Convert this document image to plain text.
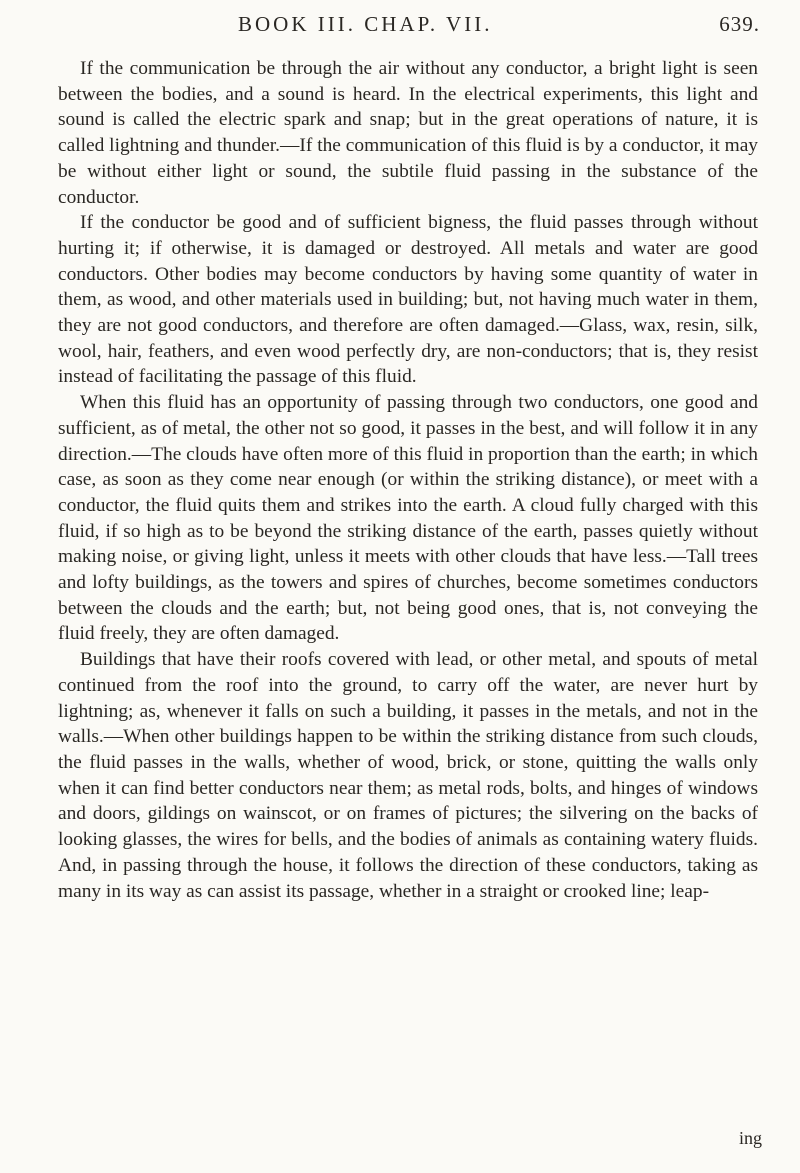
BOOK III. CHAP. VII.	639.

If the communication be through the air without any conductor, a bright light is seen between the bodies, and a sound is heard. In the electrical experiments, this light and sound is called the electric spark and snap; but in the great operations of nature, it is called lightning and thunder.—If the communication of this fluid is by a conductor, it may be without either light or sound, the subtile fluid passing in the substance of the conductor.

If the conductor be good and of sufficient bigness, the fluid passes through without hurting it; if otherwise, it is damaged or destroyed. All metals and water are good conductors. Other bodies may become conductors by having some quantity of water in them, as wood, and other materials used in building; but, not having much water in them, they are not good conductors, and therefore are often damaged.—Glass, wax, resin, silk, wool, hair, feathers, and even wood perfectly dry, are non-conductors; that is, they resist instead of facilitating the passage of this fluid.

When this fluid has an opportunity of passing through two conductors, one good and sufficient, as of metal, the other not so good, it passes in the best, and will follow it in any direction.—The clouds have often more of this fluid in proportion than the earth; in which case, as soon as they come near enough (or within the striking distance), or meet with a conductor, the fluid quits them and strikes into the earth. A cloud fully charged with this fluid, if so high as to be beyond the striking distance of the earth, passes quietly without making noise, or giving light, unless it meets with other clouds that have less.—Tall trees and lofty buildings, as the towers and spires of churches, become sometimes conductors between the clouds and the earth; but, not being good ones, that is, not conveying the fluid freely, they are often damaged.

Buildings that have their roofs covered with lead, or other metal, and spouts of metal continued from the roof into the ground, to carry off the water, are never hurt by lightning; as, whenever it falls on such a building, it passes in the metals, and not in the walls.—When other buildings happen to be within the striking distance from such clouds, the fluid passes in the walls, whether of wood, brick, or stone, quitting the walls only when it can find better conductors near them; as metal rods, bolts, and hinges of windows and doors, gildings on wainscot, or on frames of pictures; the silvering on the backs of looking glasses, the wires for bells, and the bodies of animals as containing watery fluids. And, in passing through the house, it follows the direction of these conductors, taking as many in its way as can assist its passage, whether in a straight or crooked line; leap-

ing
